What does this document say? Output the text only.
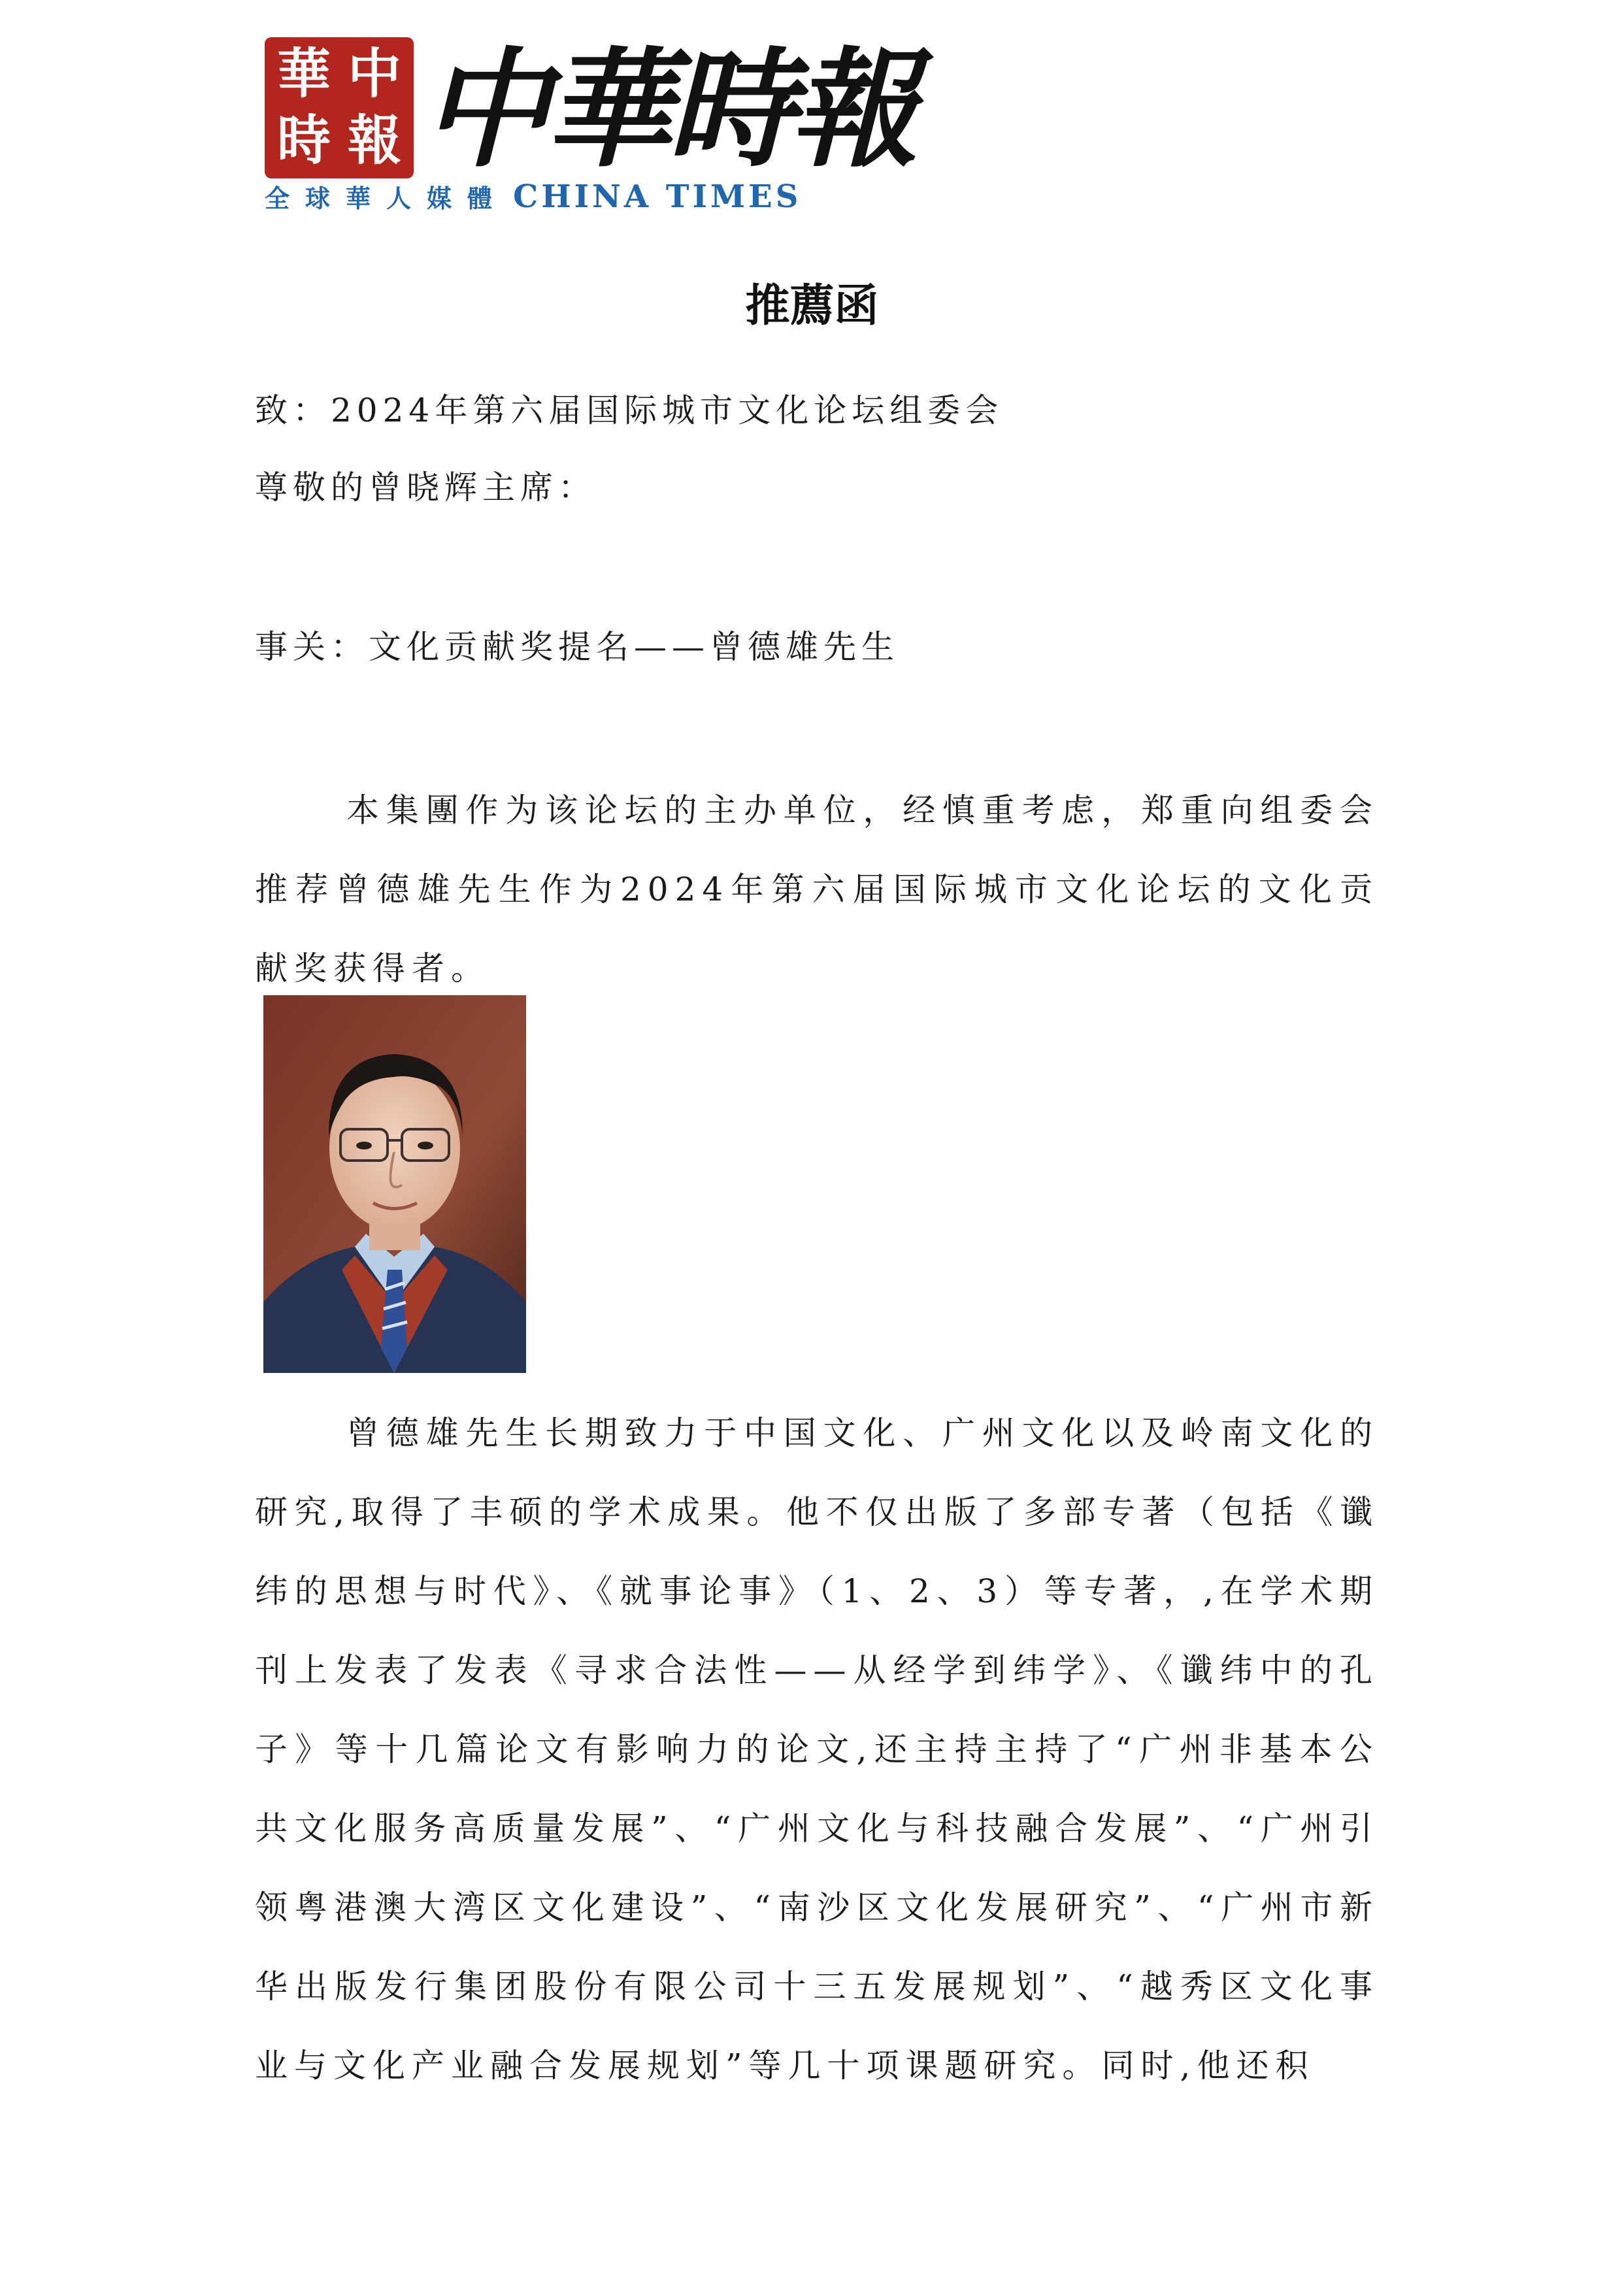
華 中
時 報 中華時報
全球華人媒體 CHINA TIMES
推薦函
致：2024年第六届国际城市文化论坛组委会
尊敬的曾晓辉主席：
事关：文化贡献奖提名——曾德雄先生
本集團作为该论坛的主办单位，经慎重考虑，郑重向组委会推荐曾德雄先生作为2024年第六届国际城市文化论坛的文化贡献奖获得者。
曾德雄先生长期致力于中国文化、广州文化以及岭南文化的研究,取得了丰硕的学术成果。他不仅出版了多部专著（包括《谶纬的思想与时代》、《就事论事》（1、2、3）等专著，,在学术期刊上发表了发表《寻求合法性——从经学到纬学》、《谶纬中的孔子》等十几篇论文有影响力的论文,还主持主持了“广州非基本公共文化服务高质量发展”、“广州文化与科技融合发展”、“广州引领粤港澳大湾区文化建设”、“南沙区文化发展研究”、“广州市新华出版发行集团股份有限公司十三五发展规划”、“越秀区文化事业与文化产业融合发展规划”等几十项课题研究。同时,他还积
